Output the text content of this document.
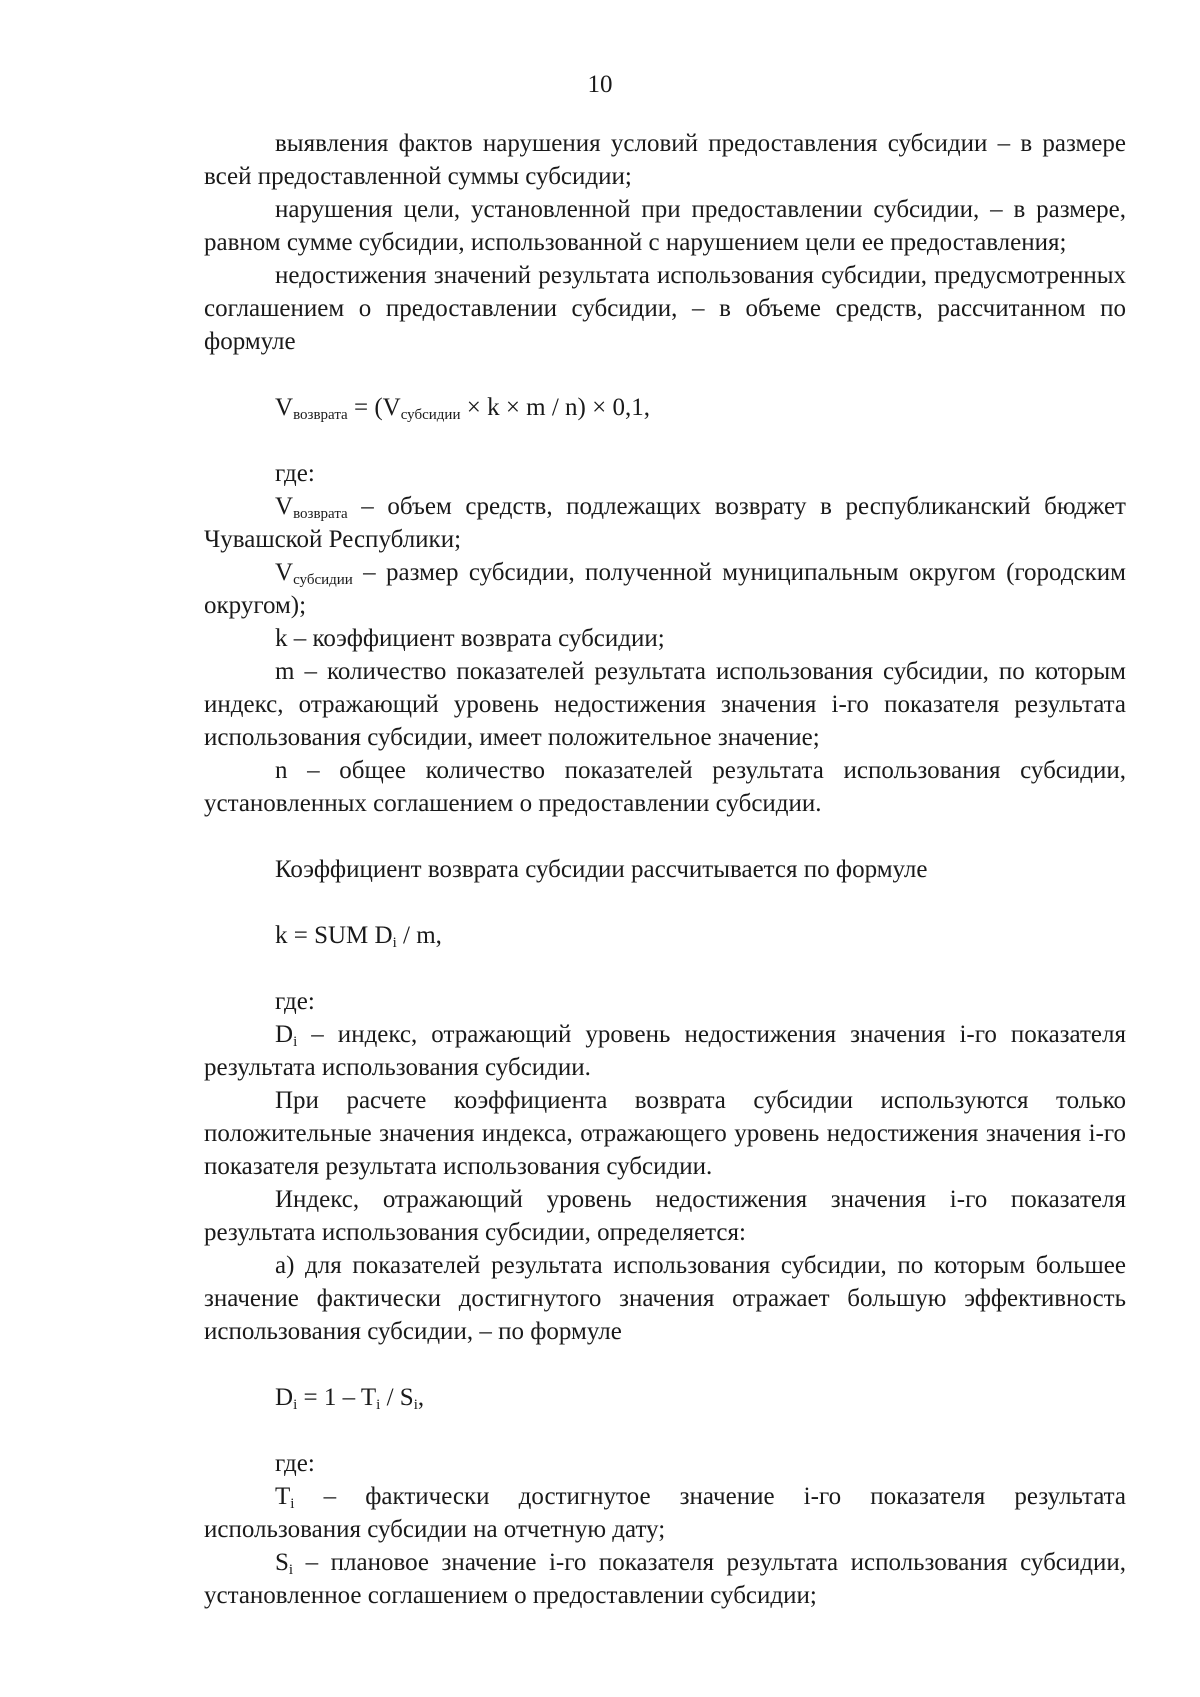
10

выявления фактов нарушения условий предоставления субсидии – в размере всей предоставленной суммы субсидии;

нарушения цели, установленной при предоставлении субсидии, – в размере, равном сумме субсидии, использованной с нарушением цели ее предоставления;

недостижения значений результата использования субсидии, предусмотренных соглашением о предоставлении субсидии, – в объеме средств, рассчитанном по формуле

$V_{возврата} = (V_{субсидии} \times k \times m / n) \times 0,1$,

где:

$V_{возврата}$ – объем средств, подлежащих возврату в республиканский бюджет Чувашской Республики;

$V_{субсидии}$ – размер субсидии, полученной муниципальным округом (городским округом);

k – коэффициент возврата субсидии;

m – количество показателей результата использования субсидии, по которым индекс, отражающий уровень недостижения значения i-го показателя результата использования субсидии, имеет положительное значение;

n – общее количество показателей результата использования субсидии, установленных соглашением о предоставлении субсидии.

Коэффициент возврата субсидии рассчитывается по формуле

k = SUM $D_i$ / m,

где:

$D_i$ – индекс, отражающий уровень недостижения значения i-го показателя результата использования субсидии.

При расчете коэффициента возврата субсидии используются только положительные значения индекса, отражающего уровень недостижения значения i-го показателя результата использования субсидии.

Индекс, отражающий уровень недостижения значения i-го показателя результата использования субсидии, определяется:

а) для показателей результата использования субсидии, по которым большее значение фактически достигнутого значения отражает большую эффективность использования субсидии, – по формуле

$D_i = 1 - T_i / S_i$,

где:

$T_i$ – фактически достигнутое значение i-го показателя результата использования субсидии на отчетную дату;

$S_i$ – плановое значение i-го показателя результата использования субсидии, установленное соглашением о предоставлении субсидии;
